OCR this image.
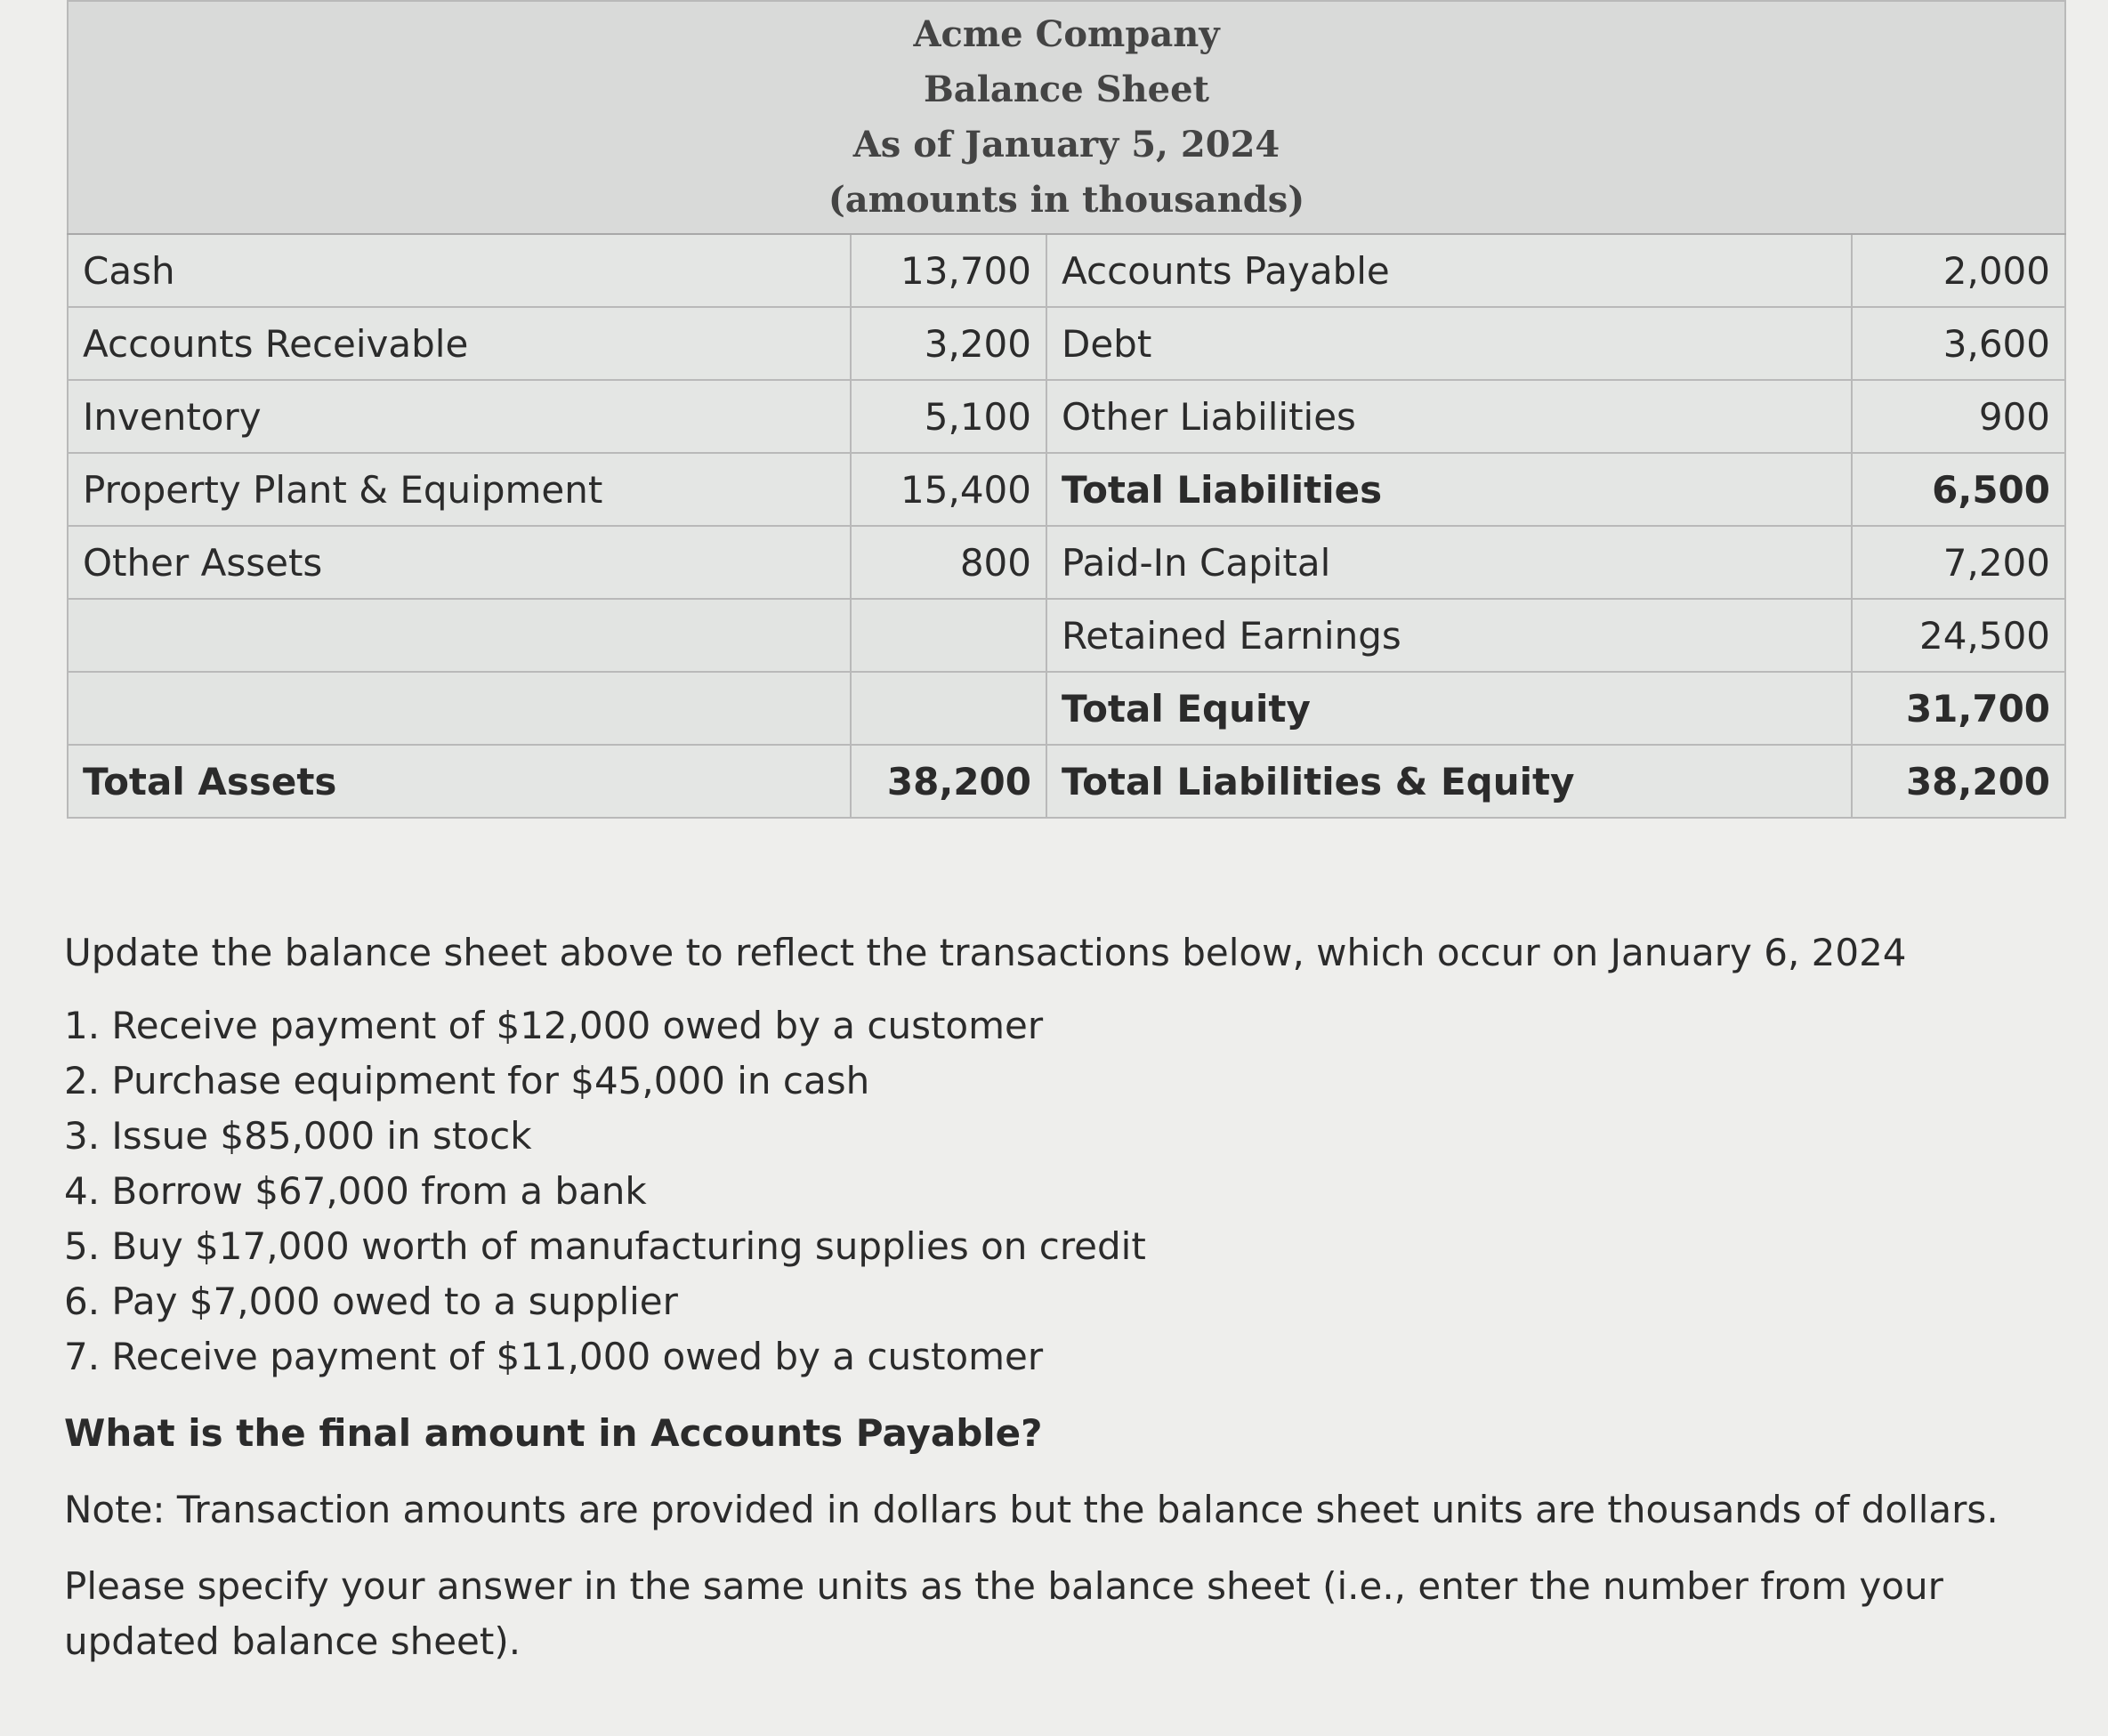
Acme Company
Balance Sheet
As of January 5, 2024
(amounts in thousands)			

Cash	13,700	Accounts Payable	2,000
Accounts Receivable	3,200	Debt	3,600
Inventory	5,100	Other Liabilities	900
Property Plant & Equipment	15,400	Total Liabilities	6,500
Other Assets	800	Paid-In Capital	7,200
		Retained Earnings	24,500
		Total Equity	31,700
Total Assets	38,200	Total Liabilities & Equity	38,200

Update the balance sheet above to reflect the transactions below, which occur on January 6, 2024

1. Receive payment of $12,000 owed by a customer
2. Purchase equipment for $45,000 in cash
3. Issue $85,000 in stock
4. Borrow $67,000 from a bank
5. Buy $17,000 worth of manufacturing supplies on credit
6. Pay $7,000 owed to a supplier
7. Receive payment of $11,000 owed by a customer

What is the final amount in Accounts Payable?

Note: Transaction amounts are provided in dollars but the balance sheet units are thousands of dollars.

Please specify your answer in the same units as the balance sheet (i.e., enter the number from your updated balance sheet).
